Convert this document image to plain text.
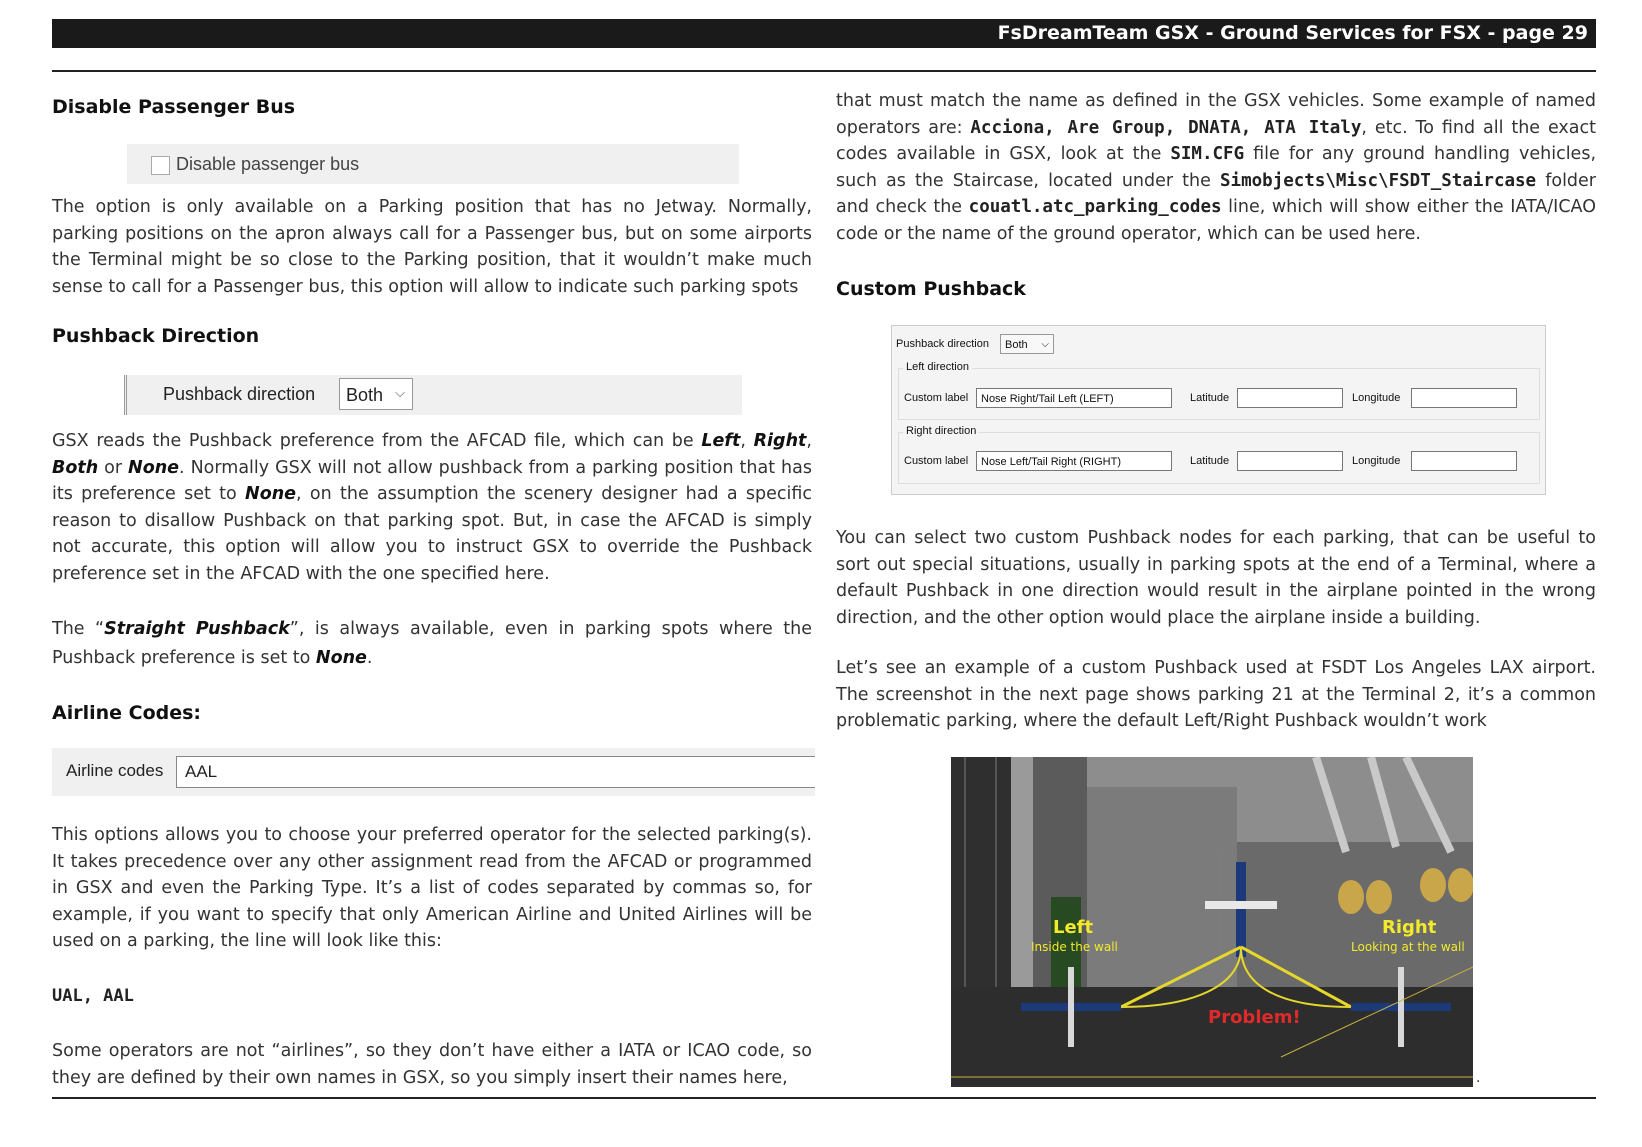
FsDreamTeam GSX - Ground Services for FSX - page 29
Disable Passenger Bus
Disable passenger bus

The option is only available on a Parking position that has no Jetway. Normally, parking positions on the apron always call for a Passenger bus, but on some airports the Terminal might be so close to the Parking position, that it wouldn’t make much sense to call for a Passenger bus, this option will allow to indicate such parking spots

Pushback Direction
Pushback direction	Both ⌵

GSX reads the Pushback preference from the AFCAD file, which can be Left, Right, Both or None. Normally GSX will not allow pushback from a parking position that has its preference set to None, on the assumption the scenery designer had a specific reason to disallow Pushback on that parking spot. But, in case the AFCAD is simply not accurate, this option will allow you to instruct GSX to override the Pushback preference set in the AFCAD with the one specified here.

The “Straight Pushback”, is always available, even in parking spots where the Pushback preference is set to None.

Airline Codes:
Airline codes	AAL

This options allows you to choose your preferred operator for the selected parking(s). It takes precedence over any other assignment read from the AFCAD or programmed in GSX and even the Parking Type. It’s a list of codes separated by commas so, for example, if you want to specify that only American Airline and United Airlines will be used on a parking, the line will look like this:

UAL, AAL

Some operators are not “airlines”, so they don’t have either a IATA or ICAO code, so they are defined by their own names in GSX, so you simply insert their names here,

that must match the name as defined in the GSX vehicles. Some example of named operators are: Acciona, Are Group, DNATA, ATA Italy, etc. To find all the exact codes available in GSX, look at the SIM.CFG file for any ground handling vehicles, such as the Staircase, located under the Simobjects\Misc\FSDT_Staircase folder and check the couatl.atc_parking_codes line, which will show either the IATA/ICAO code or the name of the ground operator, which can be used here.

Custom Pushback
Pushback direction	Both ⌵
Left direction
Custom label	Nose Right/Tail Left (LEFT)	Latitude	Longitude
Right direction
Custom label	Nose Left/Tail Right (RIGHT)	Latitude	Longitude

You can select two custom Pushback nodes for each parking, that can be useful to sort out special situations, usually in parking spots at the end of a Terminal, where a default Pushback in one direction would result in the airplane pointed in the wrong direction, and the other option would place the airplane inside a building.

Let’s see an example of a custom Pushback used at FSDT Los Angeles LAX airport. The screenshot in the next page shows parking 21 at the Terminal 2, it’s a common problematic parking, where the default Left/Right Pushback wouldn’t work

Left
Inside the wall
Right
Looking at the wall
Problem!
.
